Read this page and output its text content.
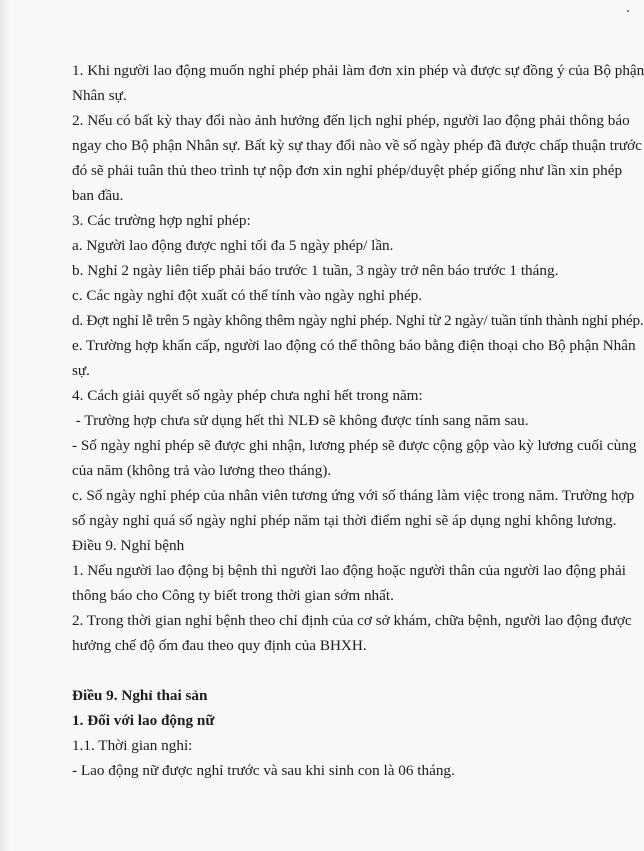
1. Khi người lao động muốn nghỉ phép phải làm đơn xin phép và được sự đồng ý của Bộ phận
Nhân sự.
2. Nếu có bất kỳ thay đổi nào ảnh hưởng đến lịch nghỉ phép, người lao động phải thông báo
ngay cho Bộ phận Nhân sự. Bất kỳ sự thay đổi nào về số ngày phép đã được chấp thuận trước
đó sẽ phải tuân thủ theo trình tự nộp đơn xin nghỉ phép/duyệt phép giống như lần xin phép
ban đầu.
3. Các trường hợp nghỉ phép:
a. Người lao động được nghỉ tối đa 5 ngày phép/ lần.
b. Nghỉ 2 ngày liên tiếp phải báo trước 1 tuần, 3 ngày trở nên báo trước 1 tháng.
c. Các ngày nghỉ đột xuất có thể tính vào ngày nghỉ phép.
d. Đợt nghỉ lễ trên 5 ngày không thêm ngày nghỉ phép. Nghỉ từ 2 ngày/ tuần tính thành nghỉ phép.
e. Trường hợp khẩn cấp, người lao động có thể thông báo bằng điện thoại cho Bộ phận Nhân
sự.
4. Cách giải quyết số ngày phép chưa nghỉ hết trong năm:
- Trường hợp chưa sử dụng hết thì NLĐ sẽ không được tính sang năm sau.
- Số ngày nghỉ phép sẽ được ghi nhận, lương phép sẽ được cộng gộp vào kỳ lương cuối cùng
của năm (không trả vào lương theo tháng).
c. Số ngày nghỉ phép của nhân viên tương ứng với số tháng làm việc trong năm. Trường hợp
số ngày nghỉ quá số ngày nghỉ phép năm tại thời điểm nghỉ sẽ áp dụng nghỉ không lương.
Điều 9. Nghỉ bệnh
1. Nếu người lao động bị bệnh thì người lao động hoặc người thân của người lao động phải
thông báo cho Công ty biết trong thời gian sớm nhất.
2. Trong thời gian nghỉ bệnh theo chỉ định của cơ sở khám, chữa bệnh, người lao động được
hưởng chế độ ốm đau theo quy định của BHXH.
Điều 9. Nghỉ thai sản
1. Đối với lao động nữ
1.1. Thời gian nghỉ:
- Lao động nữ được nghỉ trước và sau khi sinh con là 06 tháng.
